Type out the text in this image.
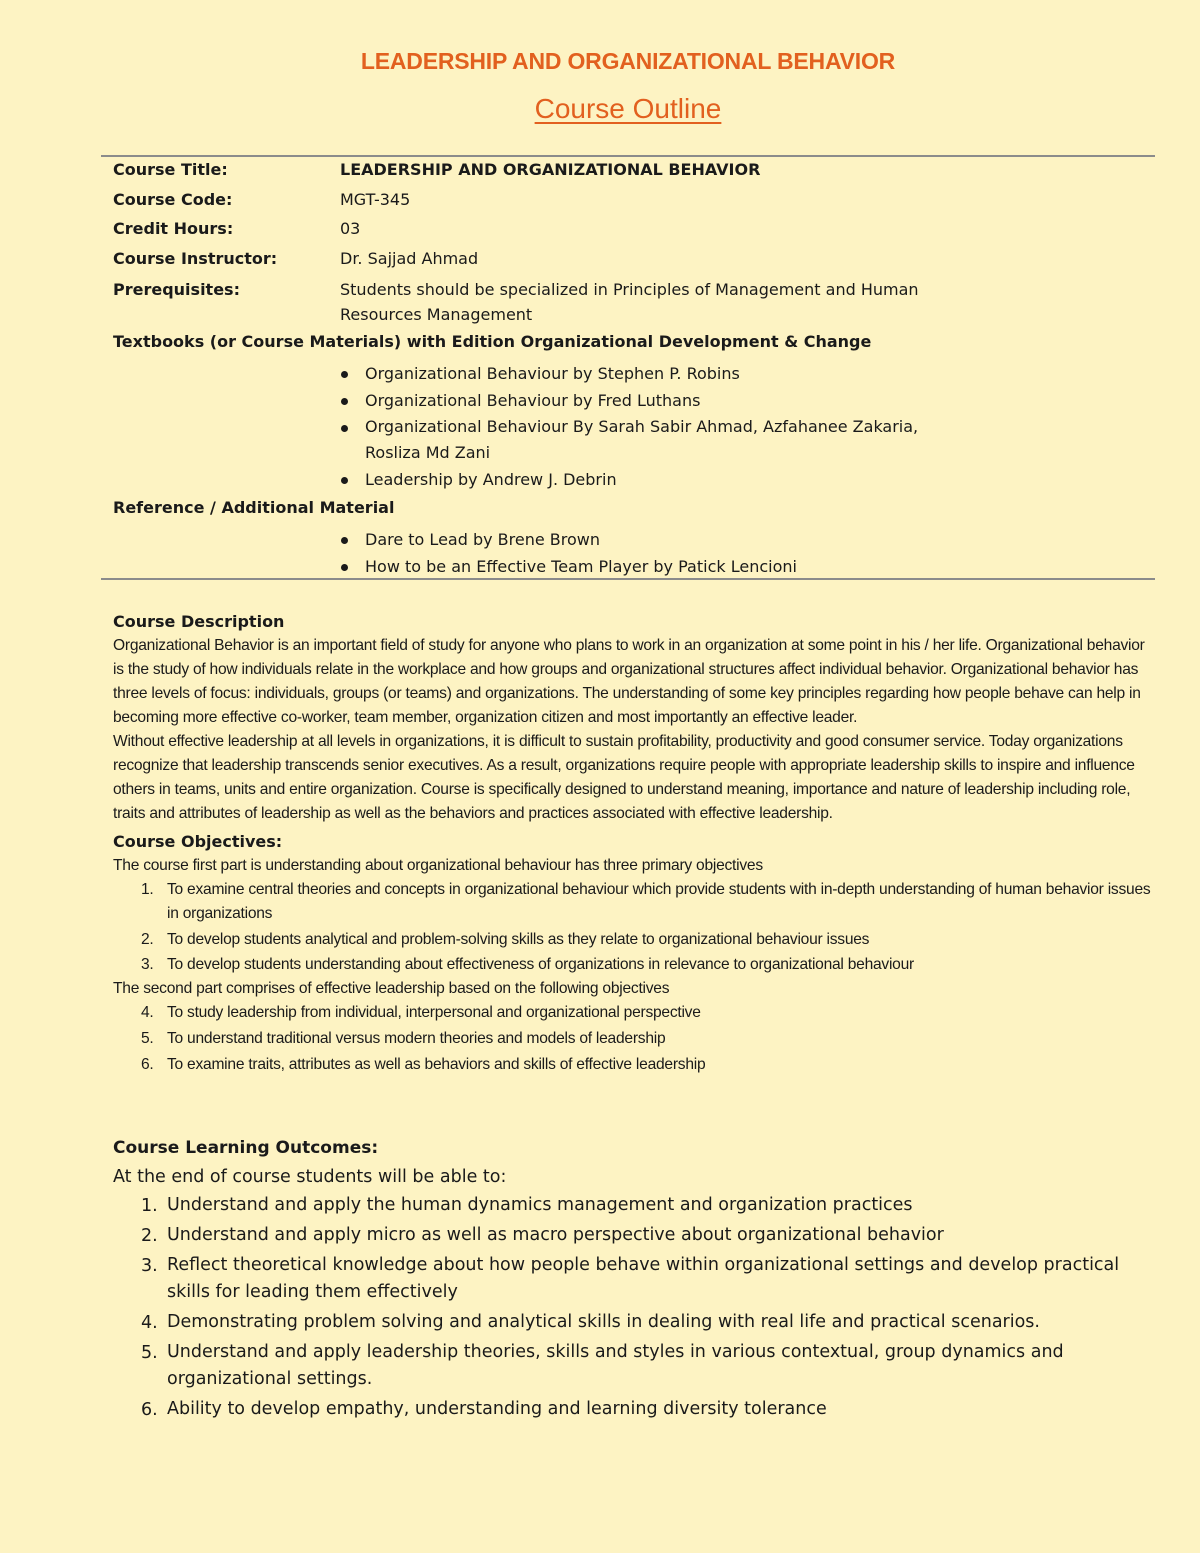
LEADERSHIP AND ORGANIZATIONAL BEHAVIOR
Course Outline
Course Title:	LEADERSHIP AND ORGANIZATIONAL BEHAVIOR
Course Code:	MGT-345
Credit Hours:	03
Course Instructor:	Dr. Sajjad Ahmad
Prerequisites:	Students should be specialized in Principles of Management and Human Resources Management
Textbooks (or Course Materials) with Edition Organizational Development & Change
Organizational Behaviour by Stephen P. Robins
Organizational Behaviour by Fred Luthans
Organizational Behaviour By Sarah Sabir Ahmad, Azfahanee Zakaria, Rosliza Md Zani
Leadership by Andrew J. Debrin
Reference / Additional Material
Dare to Lead by Brene Brown
How to be an Effective Team Player by Patick Lencioni
Course Description

Organizational Behavior is an important field of study for anyone who plans to work in an organization at some point in his / her life. Organizational behavior is the study of how individuals relate in the workplace and how groups and organizational structures affect individual behavior. Organizational behavior has three levels of focus: individuals, groups (or teams) and organizations. The understanding of some key principles regarding how people behave can help in becoming more effective co-worker, team member, organization citizen and most importantly an effective leader.

Without effective leadership at all levels in organizations, it is difficult to sustain profitability, productivity and good consumer service. Today organizations recognize that leadership transcends senior executives. As a result, organizations require people with appropriate leadership skills to inspire and influence others in teams, units and entire organization. Course is specifically designed to understand meaning, importance and nature of leadership including role, traits and attributes of leadership as well as the behaviors and practices associated with effective leadership.

Course Objectives:
The course first part is understanding about organizational behaviour has three primary objectives
1. To examine central theories and concepts in organizational behaviour which provide students with in-depth understanding of human behavior issues in organizations
2. To develop students analytical and problem-solving skills as they relate to organizational behaviour issues
3. To develop students understanding about effectiveness of organizations in relevance to organizational behaviour
The second part comprises of effective leadership based on the following objectives
4. To study leadership from individual, interpersonal and organizational perspective
5. To understand traditional versus modern theories and models of leadership
6. To examine traits, attributes as well as behaviors and skills of effective leadership
Course Learning Outcomes:
At the end of course students will be able to:
1. Understand and apply the human dynamics management and organization practices
2. Understand and apply micro as well as macro perspective about organizational behavior
3. Reflect theoretical knowledge about how people behave within organizational settings and develop practical skills for leading them effectively
4. Demonstrating problem solving and analytical skills in dealing with real life and practical scenarios.
5. Understand and apply leadership theories, skills and styles in various contextual, group dynamics and organizational settings.
6. Ability to develop empathy, understanding and learning diversity tolerance
